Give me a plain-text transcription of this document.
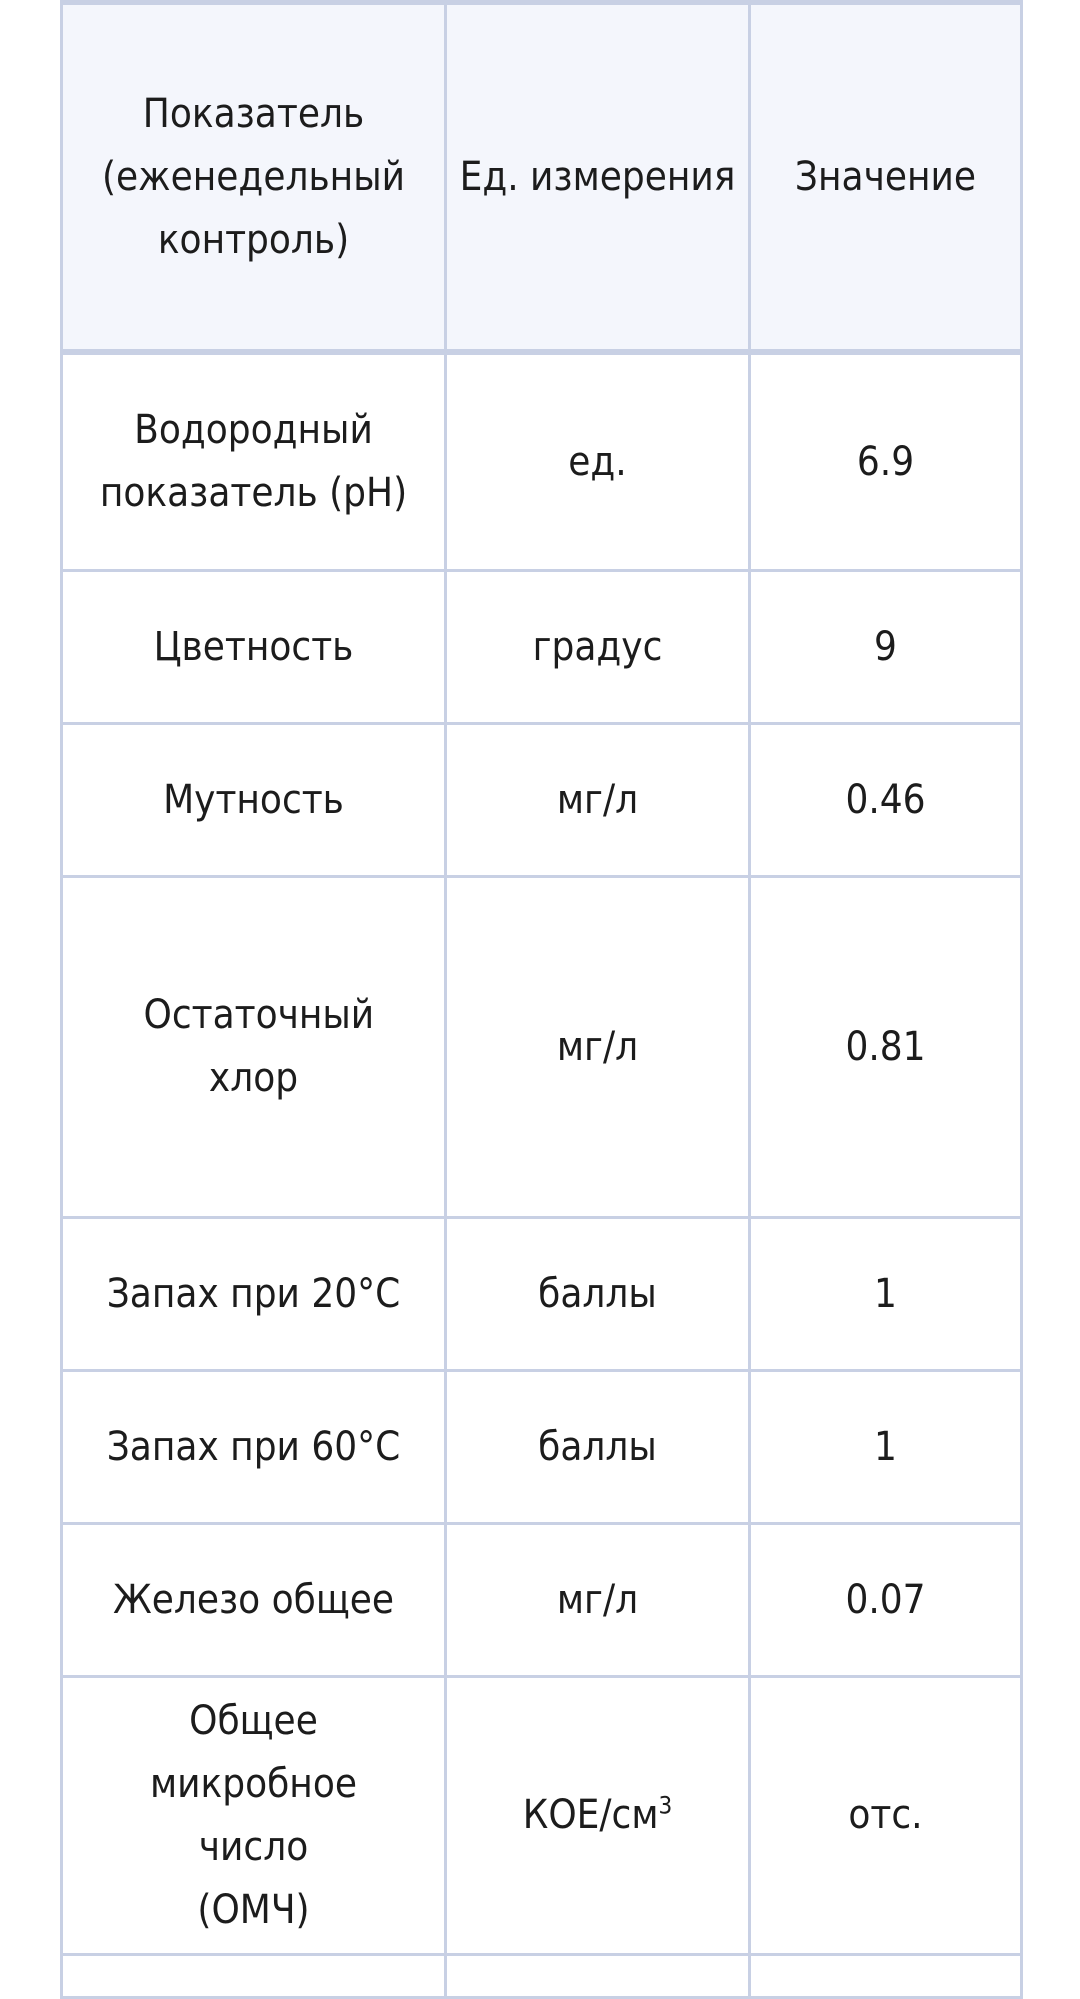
Показатель (еженедельный контроль)	Ед. измерения	Значение
Водородный показатель (pH)	ед.	6.9
Цветность	градус	9
Мутность	мг/л	0.46

Остаточный хлор	мг/л	0.81
Запах при 20°С	баллы	1
Запах при 60°С	баллы	1
Железо общее	мг/л	0.07

Общее микробное число (ОМЧ)	КОЕ/$см^3$	отс.
